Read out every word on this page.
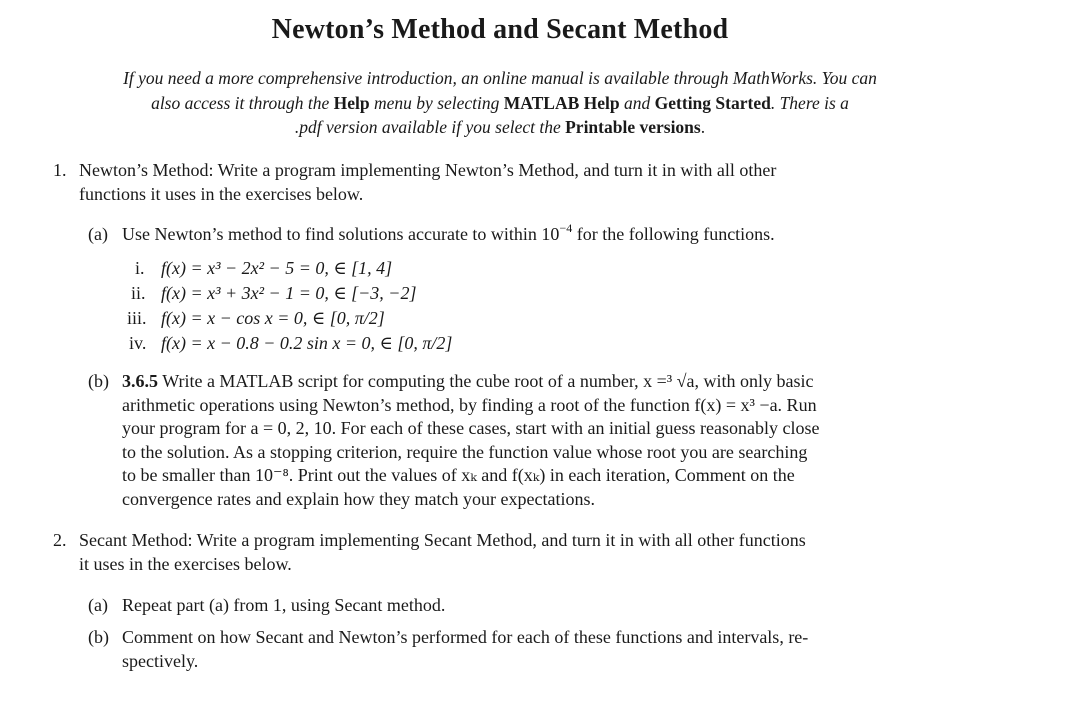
Newton’s Method and Secant Method
If you need a more comprehensive introduction, an online manual is available through MathWorks. You can
also access it through the Help menu by selecting MATLAB Help and Getting Started. There is a
.pdf version available if you select the Printable versions.
1. Newton’s Method: Write a program implementing Newton’s Method, and turn it in with all other
functions it uses in the exercises below.
(a) Use Newton’s method to find solutions accurate to within $10^{-4}$ for the following functions.
i. f(x) = x³ − 2x² − 5 = 0, ∈ [1, 4]
ii. f(x) = x³ + 3x² − 1 = 0, ∈ [−3, −2]
iii. f(x) = x − cos x = 0, ∈ [0, π/2]
iv. f(x) = x − 0.8 − 0.2 sin x = 0, ∈ [0, π/2]
(b) 3.6.5 Write a MATLAB script for computing the cube root of a number, x =³ √a, with only basic
arithmetic operations using Newton’s method, by finding a root of the function f(x) = x³ −a. Run
your program for a = 0, 2, 10. For each of these cases, start with an initial guess reasonably close
to the solution. As a stopping criterion, require the function value whose root you are searching
to be smaller than 10⁻⁸. Print out the values of xₖ and f(xₖ) in each iteration, Comment on the
convergence rates and explain how they match your expectations.
2. Secant Method: Write a program implementing Secant Method, and turn it in with all other functions
it uses in the exercises below.
(a) Repeat part (a) from 1, using Secant method.
(b) Comment on how Secant and Newton’s performed for each of these functions and intervals, re-
spectively.
